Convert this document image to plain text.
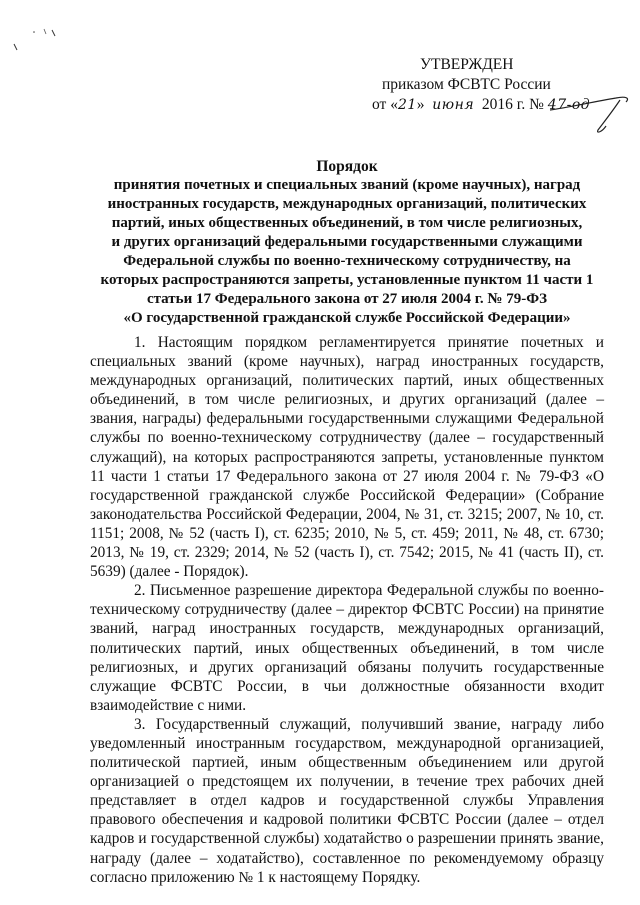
УТВЕРЖДЕН
приказом ФСВТС России
от «21» июня 2016 г. № 47-од
Порядок
принятия почетных и специальных званий (кроме научных), наград
иностранных государств, международных организаций, политических
партий, иных общественных объединений, в том числе религиозных,
и других организаций федеральными государственными служащими
Федеральной службы по военно-техническому сотрудничеству, на
которых распространяются запреты, установленные пунктом 11 части 1
статьи 17 Федерального закона от 27 июля 2004 г. № 79-ФЗ
«О государственной гражданской службе Российской Федерации»

1. Настоящим порядком регламентируется принятие почетных и специальных званий (кроме научных), наград иностранных государств, международных организаций, политических партий, иных общественных объединений, в том числе религиозных, и других организаций (далее – звания, награды) федеральными государственными служащими Федеральной службы по военно-техническому сотрудничеству (далее – государственный служащий), на которых распространяются запреты, установленные пунктом 11 части 1 статьи 17 Федерального закона от 27 июля 2004 г. № 79-ФЗ «О государственной гражданской службе Российской Федерации» (Собрание законодательства Российской Федерации, 2004, № 31, ст. 3215; 2007, № 10, ст. 1151; 2008, № 52 (часть I), ст. 6235; 2010, № 5, ст. 459; 2011, № 48, ст. 6730; 2013, № 19, ст. 2329; 2014, № 52 (часть I), ст. 7542; 2015, № 41 (часть II), ст. 5639) (далее - Порядок).

2. Письменное разрешение директора Федеральной службы по военно-техническому сотрудничеству (далее – директор ФСВТС России) на принятие званий, наград иностранных государств, международных организаций, политических партий, иных общественных объединений, в том числе религиозных, и других организаций обязаны получить государственные служащие ФСВТС России, в чьи должностные обязанности входит взаимодействие с ними.

3. Государственный служащий, получивший звание, награду либо уведомленный иностранным государством, международной организацией, политической партией, иным общественным объединением или другой организацией о предстоящем их получении, в течение трех рабочих дней представляет в отдел кадров и государственной службы Управления правового обеспечения и кадровой политики ФСВТС России (далее – отдел кадров и государственной службы) ходатайство о разрешении принять звание, награду (далее – ходатайство), составленное по рекомендуемому образцу согласно приложению № 1 к настоящему Порядку.
